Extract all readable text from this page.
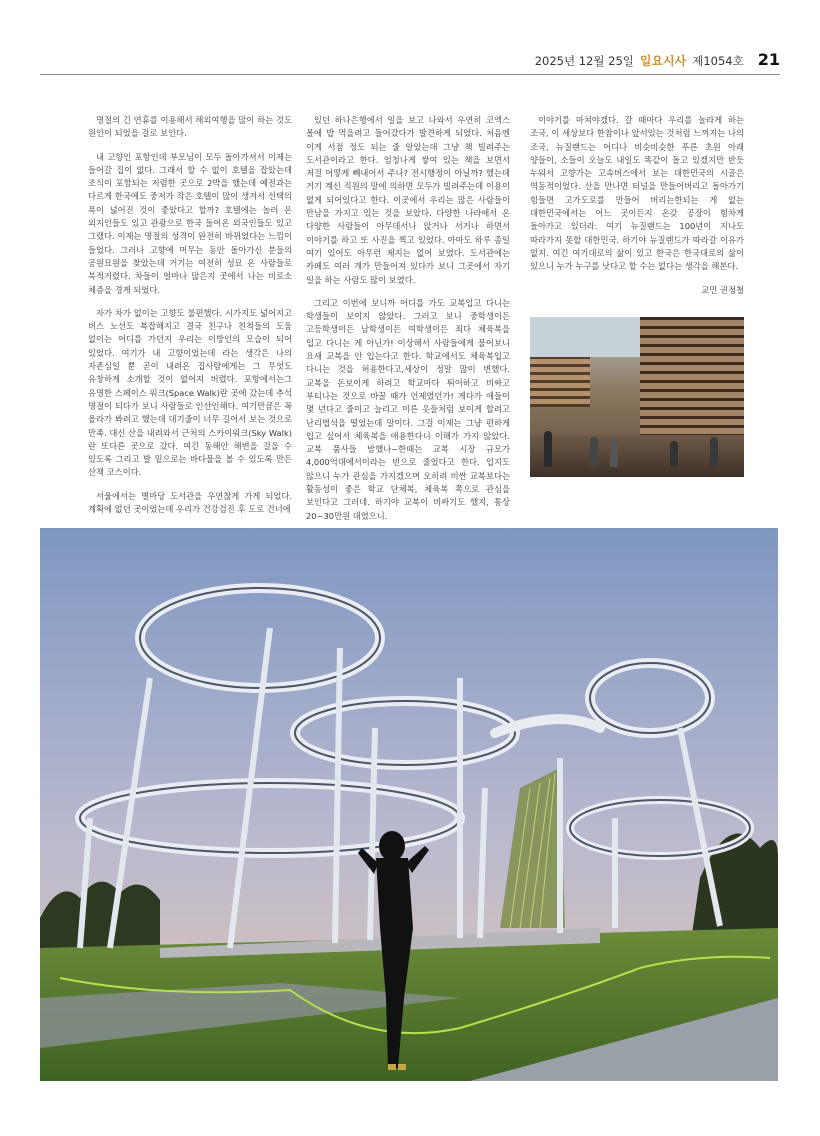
2025년 12월 25일 일요시사 제1054호 21

명절의 긴 연휴를 이용해서 해외여행을 많이 하는 것도 원인이 되었을 걸로 보인다.

내 고향인 포항인데 부모님이 모두 돌아가셔서 이제는 들어갈 집이 없다. 그래서 할 수 없이 호텔을 잡았는데 조식이 포함되는 저렴한 곳으로 2박을 했는데 예전과는 다르게 한국에도 중저가 작은 호텔이 많이 생겨서 선택의 폭이 넓어진 것이 좋았다고 할까? 호텔에는 놀러 온 외지인들도 있고 관광으로 한국 들어온 외국인들도 있고 그랬다. 이제는 명절의 성격이 완전히 바뀌었다는 느낌이 들었다. 그러나 고향에 머무는 동안 돌아가신 분들의 공원묘원을 찾았는데 거기는 여전히 성묘 온 사람들로 북적거렸다. 차들이 얼마나 많은지 곳에서 나는 비로소 체증을 경게 되었다.

자가 차가 없이는 고향도 불편했다. 시가지도 넓어지고 버스 노선도 복잡해지고 결국 친구나 친척들의 도움 없이는 어디를 가던지 우리는 이방인의 모습이 되어 있었다. 여기가 내 고향이었는데 라는 생각은 나의 자존심일 뿐 곧이 내려온 집사람에게는 그 무엇도 유창하게 소개할 것이 없어져 버렸다. 포항에서는그 유명한 스페이스 워크(Space Walk)란 곳에 갔는데 추석 명절이 되다가 보니 사람들로 인산인해다. 여기만큼은 꼭 올라가 봐려고 했는데 대기줄이 너무 길어서 보는 것으로 만족. 대신 산을 내려와서 근처의 스카이워크(Sky Walk)란 또다른 곳으로 갔다. 여긴 동해안 해변을 걸을 수 있도록 그리고 발 밑으로는 바다물을 볼 수 있도록 만든 산책 코스이다.

서울에서는 별마당 도서관을 우연찮게 가게 되었다. 계획에 없던 곳이었는데 우리가 건강검진 후 도로 건너에

있던 하나은행에서 일을 보고 나와서 우연히 코엑스 몰에 밥 먹을려고 들어갔다가 발견하게 되었다. 처음엔 이게 서점 정도 되는 줄 알았는데 그냥 책 빌려주는 도서관이라고 한다. 엄청나게 쌓여 있는 책을 보면서 저걸 어떻게 빼내어서 주나? 전시행정이 아닐까? 했는데 거기 계신 직원의 말에 의하면 모두가 빌려주는데 이용이 없게 되어있다고 한다. 이곳에서 우리는 많은 사람들이 만남을 가지고 있는 것을 보았다. 다양한 나라에서 온 다양한 사람들이 아무데서나 앉거나 서거나 하면서 이야기를 하고 또 사진을 찍고 있었다. 아마도 하루 종일 여기 있어도 아무런 제지는 없어 보였다. 도서관에는 카페도 여러 개가 만들어져 있다가 보니 그곳에서 자기 일을 하는 사람도 많이 보였다.

그리고 이번에 보니까 어디를 가도 교복입고 다니는 학생들이 보이지 않았다. 그러고 보니 중학생이든 고등학생이든 남학생이든 여학생이든 죄다 체육복을 입고 다니는 게 아닌가! 이상해서 사람들에게 물어보니 요새 교복을 안 입는다고 한다. 학교에서도 체육복입고 다니는 것을 허용한다고,세상이 정말 많이 변했다. 교복을 돈보이게 하려고 학교마다 튀어하고 비싸고 부티나는 것으로 바꿀 때가 언제였던가! 게다가 애들이 몇 년다고 줄이고 늘리고 이른 옷들처럼 보이게 할려고 난리법석을 떨었는데 말이다. 그걸 이제는 그냥 편하게 입고 싶어서 체육복을 애용한다니 이해가 가지 않았다. 교복 품사들 밤했나~한때는 교복 시장 규모가 4,000억대에서이라는 빈으로 줄었다고 한다. 입지도 않으니 누가 관심을 가지겠으며 오히려 비싼 교복보다는 활동성이 좋은 학교 단체복, 체육복 쪽으로 관심을 보인다고 그러네. 하기야 교복이 비싸기도 했지, 통상 20~30만원 대였으니.

이야기를 마쳐야겠다. 갈 때마다 우리를 놀라게 하는 조국, 이 세상보다 한참이나 앞서있는 것처럼 느껴지는 나의 조국, 뉴질랜드는 어디나 비슷비슷한 푸른 초원 아래 양들이, 소들이 오늘도 내일도 똑같이 돌고 있겠지만 반듯 누워서 고향가는 고속버스에서 보는 대한민국의 시골은 역동적이었다. 산을 만나면 터널을 만들어버리고 돌아가기 힘들면 고가도로를 만들어 버리는한되는 게 없는 대한민국에서는 어느 곳이든지 온갖 공장이 힘차게 돌아가고 있더라. 여기 뉴질랜드는 100년이 지나도 따라가지 못할 대한민국. 하기야 뉴질랜드가 따라갈 이유가 없지. 여긴 여기대로의 삶이 있고 한국은 한국대로의 삶이 있으니 누가 누구를 낫다고 할 수는 없다는 생각을 해본다.

교민 권정철
